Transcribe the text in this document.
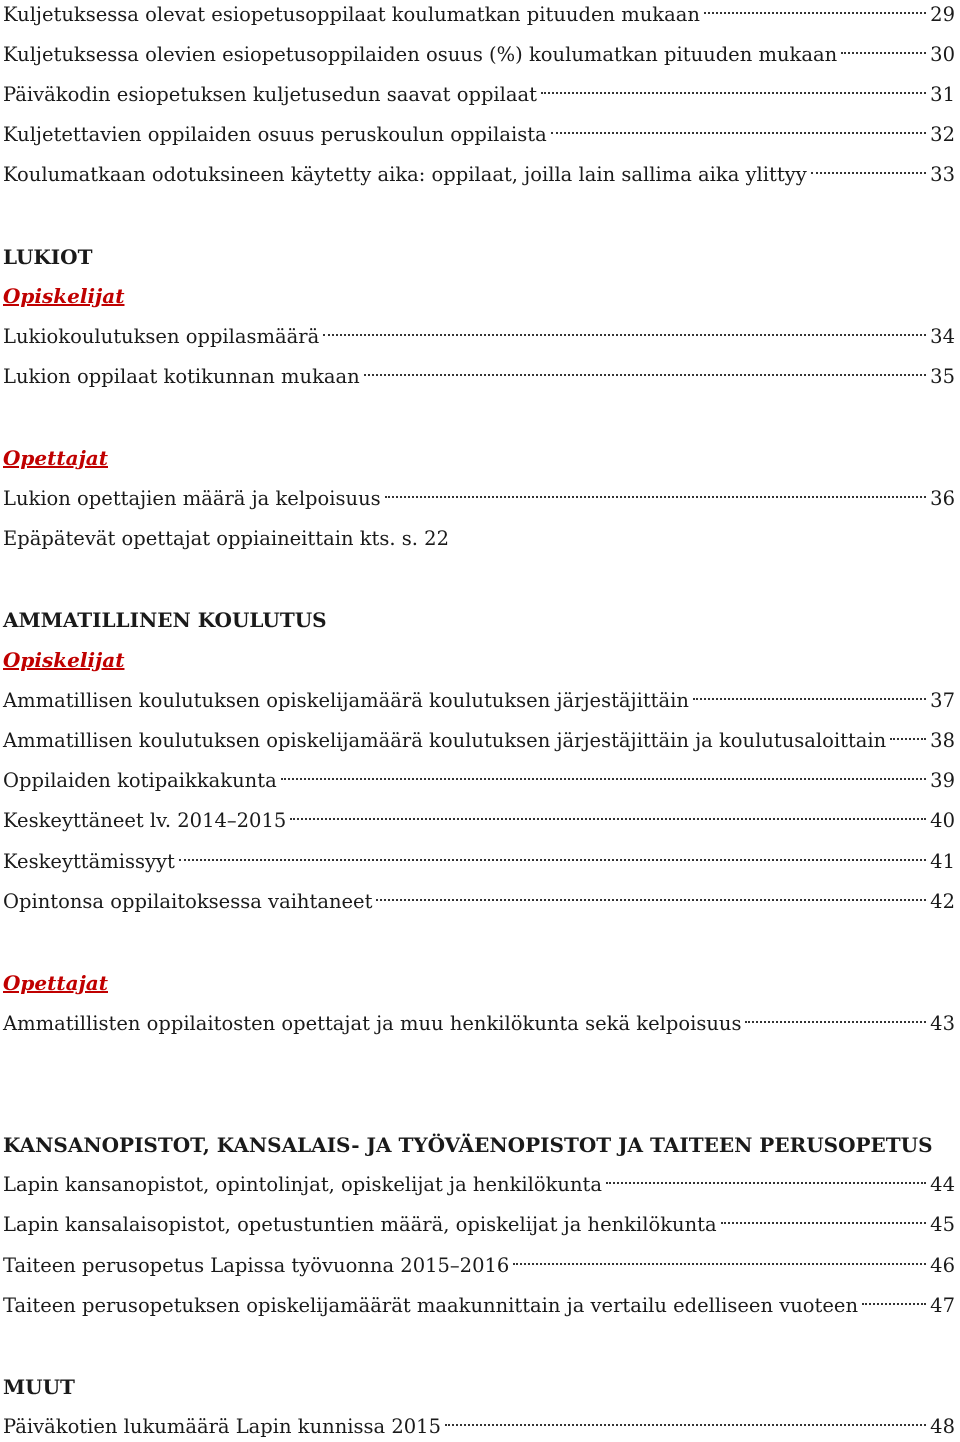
Kuljetuksessa olevat esiopetusoppilaat koulumatkan pituuden mukaan	29
Kuljetuksessa olevien esiopetusoppilaiden osuus (%) koulumatkan pituuden mukaan	30
Päiväkodin esiopetuksen kuljetusedun saavat oppilaat	31
Kuljetettavien oppilaiden osuus peruskoulun oppilaista	32
Koulumatkaan odotuksineen käytetty aika: oppilaat, joilla lain sallima aika ylittyy	33
LUKIOT
Opiskelijat
Lukiokoulutuksen oppilasmäärä	34
Lukion oppilaat kotikunnan mukaan	35
Opettajat
Lukion opettajien määrä ja kelpoisuus	36
Epäpätevät opettajat oppiaineittain kts. s. 22
AMMATILLINEN KOULUTUS
Opiskelijat
Ammatillisen koulutuksen opiskelijamäärä koulutuksen järjestäjittäin	37
Ammatillisen koulutuksen opiskelijamäärä koulutuksen järjestäjittäin ja koulutusaloittain 38
Oppilaiden kotipaikkakunta	39
Keskeyttäneet lv. 2014–2015	40
Keskeyttämissyyt	41
Opintonsa oppilaitoksessa vaihtaneet	42
Opettajat
Ammatillisten oppilaitosten opettajat ja muu henkilökunta sekä kelpoisuus	43
KANSANOPISTOT, KANSALAIS- JA TYÖVÄENOPISTOT JA TAITEEN PERUSOPETUS
Lapin kansanopistot, opintolinjat, opiskelijat ja henkilökunta	44
Lapin kansalaisopistot, opetustuntien määrä, opiskelijat ja henkilökunta	45
Taiteen perusopetus Lapissa työvuonna 2015–2016	46
Taiteen perusopetuksen opiskelijamäärät maakunnittain ja vertailu edelliseen vuoteen	47
MUUT
Päiväkotien lukumäärä Lapin kunnissa 2015	48
